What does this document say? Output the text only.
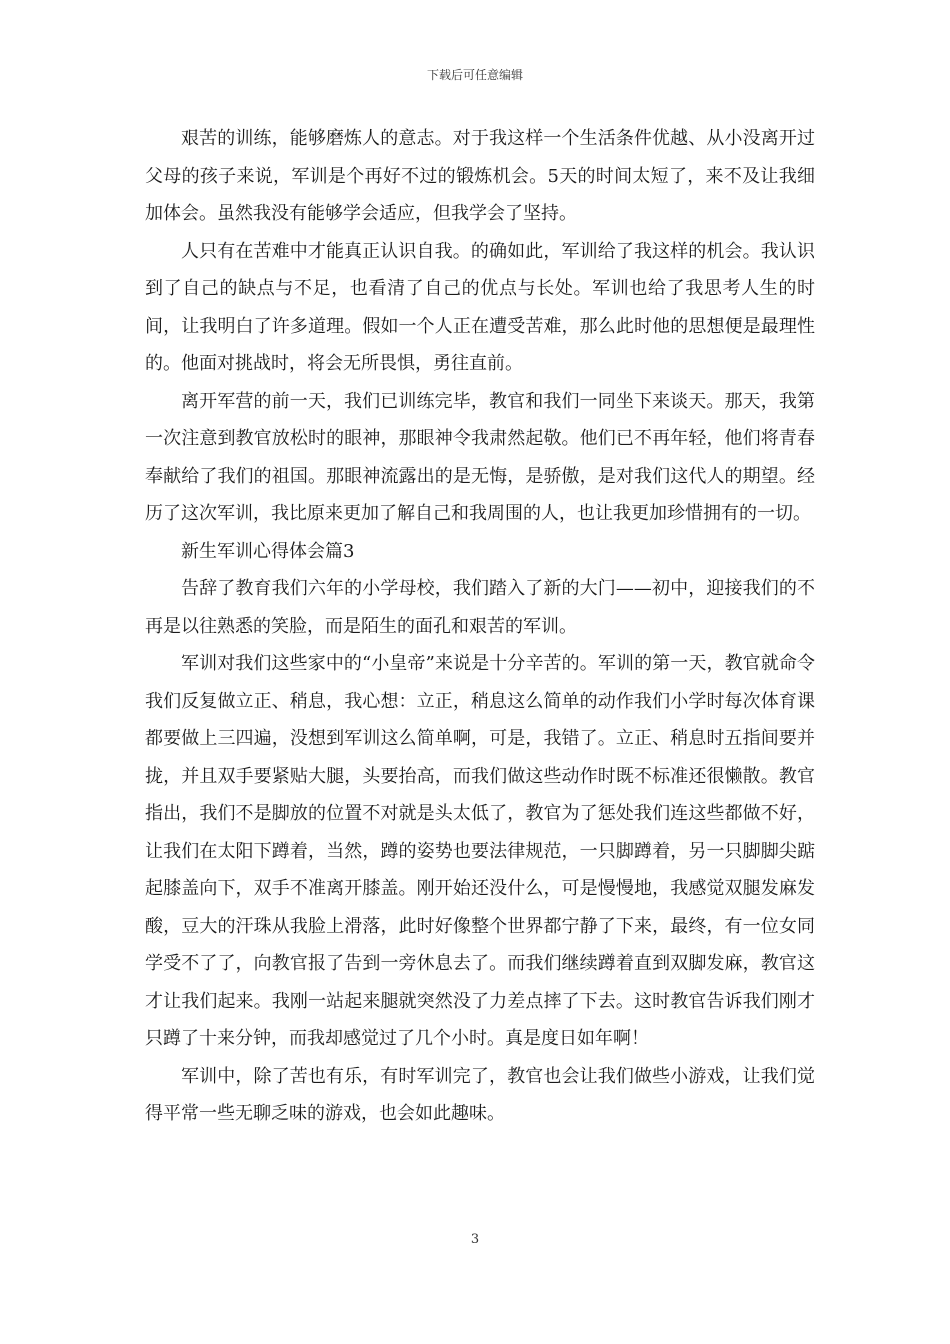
下载后可任意编辑

艰苦的训练，能够磨炼人的意志。对于我这样一个生活条件优越、从小没离开过父母的孩子来说，军训是个再好不过的锻炼机会。5天的时间太短了，来不及让我细加体会。虽然我没有能够学会适应，但我学会了坚持。

人只有在苦难中才能真正认识自我。的确如此，军训给了我这样的机会。我认识到了自己的缺点与不足，也看清了自己的优点与长处。军训也给了我思考人生的时间，让我明白了许多道理。假如一个人正在遭受苦难，那么此时他的思想便是最理性的。他面对挑战时，将会无所畏惧，勇往直前。

离开军营的前一天，我们已训练完毕，教官和我们一同坐下来谈天。那天，我第一次注意到教官放松时的眼神，那眼神令我肃然起敬。他们已不再年轻，他们将青春奉献给了我们的祖国。那眼神流露出的是无悔，是骄傲，是对我们这代人的期望。经历了这次军训，我比原来更加了解自己和我周围的人，也让我更加珍惜拥有的一切。

新生军训心得体会篇3

告辞了教育我们六年的小学母校，我们踏入了新的大门——初中，迎接我们的不再是以往熟悉的笑脸，而是陌生的面孔和艰苦的军训。

军训对我们这些家中的“小皇帝”来说是十分辛苦的。军训的第一天，教官就命令我们反复做立正、稍息，我心想：立正，稍息这么简单的动作我们小学时每次体育课都要做上三四遍，没想到军训这么简单啊，可是，我错了。立正、稍息时五指间要并拢，并且双手要紧贴大腿，头要抬高，而我们做这些动作时既不标准还很懒散。教官指出，我们不是脚放的位置不对就是头太低了，教官为了惩处我们连这些都做不好，让我们在太阳下蹲着，当然，蹲的姿势也要法律规范，一只脚蹲着，另一只脚脚尖踮起膝盖向下，双手不准离开膝盖。刚开始还没什么，可是慢慢地，我感觉双腿发麻发酸，豆大的汗珠从我脸上滑落，此时好像整个世界都宁静了下来，最终，有一位女同学受不了了，向教官报了告到一旁休息去了。而我们继续蹲着直到双脚发麻，教官这才让我们起来。我刚一站起来腿就突然没了力差点摔了下去。这时教官告诉我们刚才只蹲了十来分钟，而我却感觉过了几个小时。真是度日如年啊！

军训中，除了苦也有乐，有时军训完了，教官也会让我们做些小游戏，让我们觉得平常一些无聊乏味的游戏，也会如此趣味。

3
